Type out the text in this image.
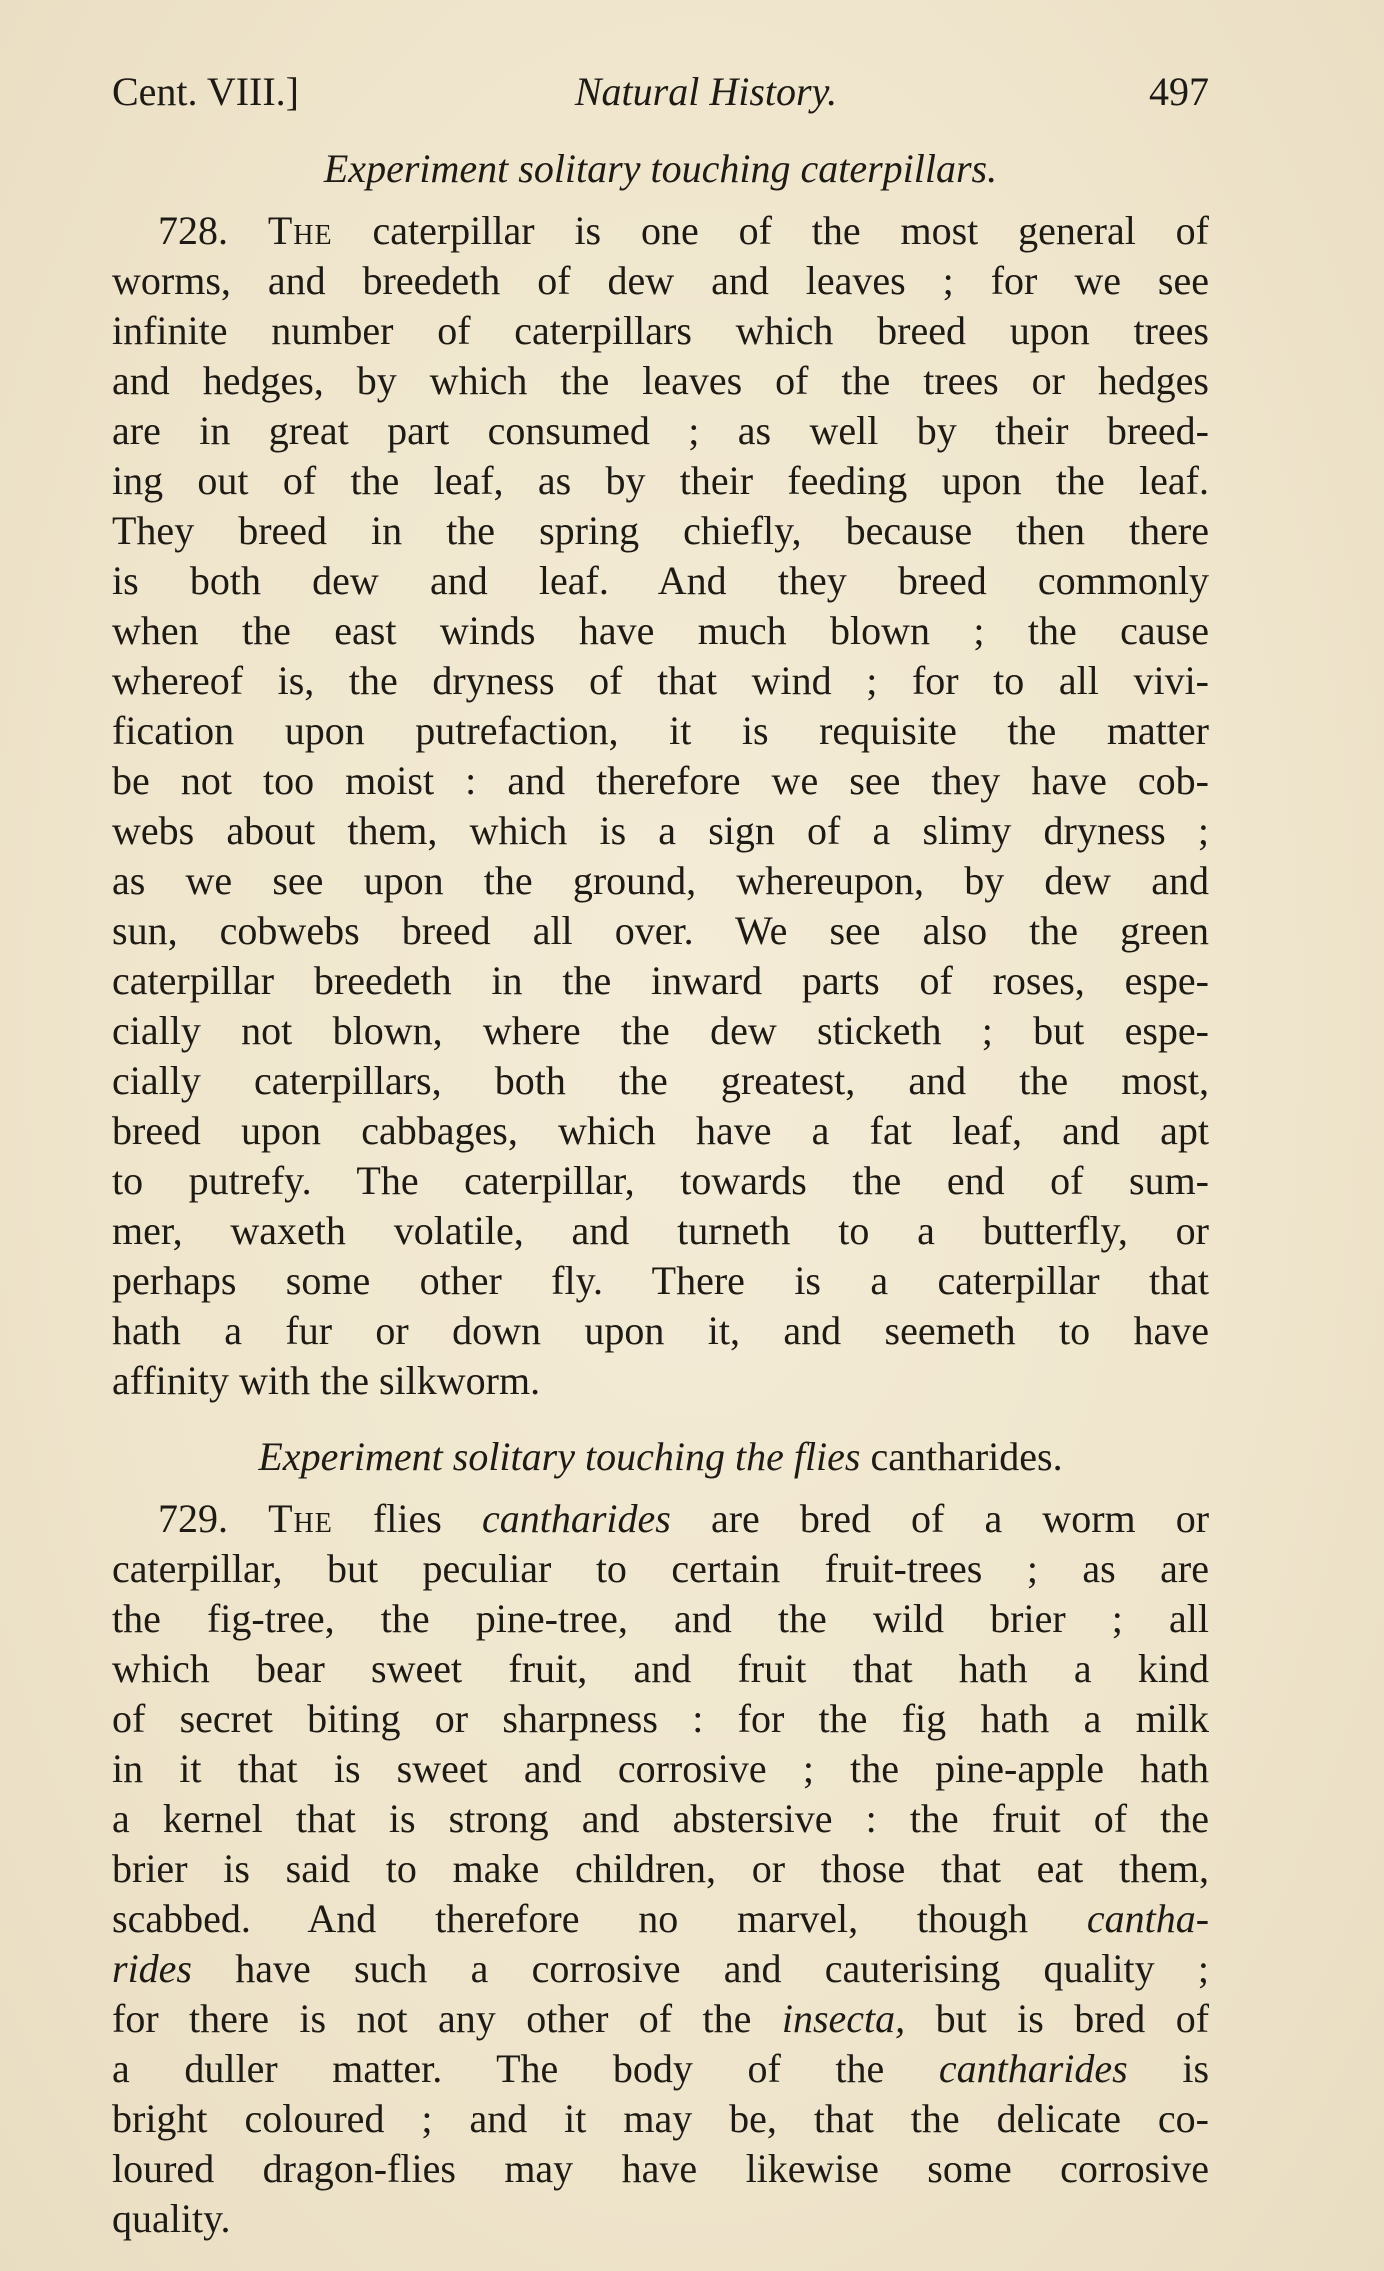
Cent. VIII.]	Natural History.	497
Experiment solitary touching caterpillars.
728. The caterpillar is one of the most general of
worms, and breedeth of dew and leaves ; for we see
infinite number of caterpillars which breed upon trees
and hedges, by which the leaves of the trees or hedges
are in great part consumed ; as well by their breed-
ing out of the leaf, as by their feeding upon the leaf.
They breed in the spring chiefly, because then there
is both dew and leaf. And they breed commonly
when the east winds have much blown ; the cause
whereof is, the dryness of that wind ; for to all vivi-
fication upon putrefaction, it is requisite the matter
be not too moist : and therefore we see they have cob-
webs about them, which is a sign of a slimy dryness ;
as we see upon the ground, whereupon, by dew and
sun, cobwebs breed all over. We see also the green
caterpillar breedeth in the inward parts of roses, espe-
cially not blown, where the dew sticketh ; but espe-
cially caterpillars, both the greatest, and the most,
breed upon cabbages, which have a fat leaf, and apt
to putrefy. The caterpillar, towards the end of sum-
mer, waxeth volatile, and turneth to a butterfly, or
perhaps some other fly. There is a caterpillar that
hath a fur or down upon it, and seemeth to have
affinity with the silkworm.
Experiment solitary touching the flies cantharides.
729. The flies cantharides are bred of a worm or
caterpillar, but peculiar to certain fruit-trees ; as are
the fig-tree, the pine-tree, and the wild brier ; all
which bear sweet fruit, and fruit that hath a kind
of secret biting or sharpness : for the fig hath a milk
in it that is sweet and corrosive ; the pine-apple hath
a kernel that is strong and abstersive : the fruit of the
brier is said to make children, or those that eat them,
scabbed. And therefore no marvel, though cantha-
rides have such a corrosive and cauterising quality ;
for there is not any other of the insecta, but is bred of
a duller matter. The body of the cantharides is
bright coloured ; and it may be, that the delicate co-
loured dragon-flies may have likewise some corrosive
quality.
